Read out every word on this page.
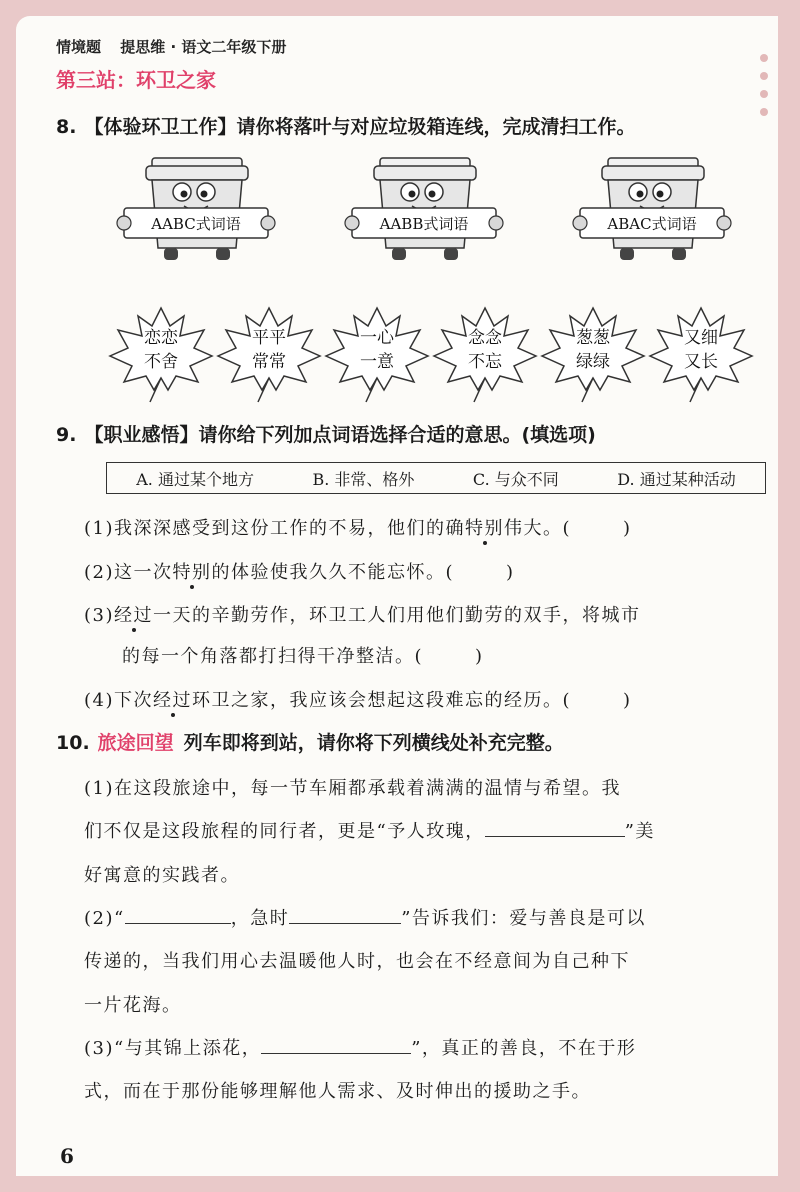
情境题 提思维 · 语文二年级下册
第三站：环卫之家
8. 【体验环卫工作】请你将落叶与对应垃圾箱连线，完成清扫工作。
AABC式词语	AABB式词语	ABAC式词语
恋恋
不舍
平平
常常
一心
一意
念念
不忘
葱葱
绿绿
又细
又长
9. 【职业感悟】请你给下列加点词语选择合适的意思。(填选项)
A. 通过某个地方	B. 非常、格外	C. 与众不同	D. 通过某种活动
(1)我深深感受到这份工作的不易，他们的确特别伟大。(	)
(2)这一次特别的体验使我久久不能忘怀。(	)
(3)经过一天的辛勤劳作，环卫工人们用他们勤劳的双手，将城市
的每一个角落都打扫得干净整洁。(	)
(4)下次经过环卫之家，我应该会想起这段难忘的经历。(	)
10. 旅途回望 列车即将到站，请你将下列横线处补充完整。
(1)在这段旅途中，每一节车厢都承载着满满的温情与希望。我
们不仅是这段旅程的同行者，更是“予人玫瑰，	”美
好寓意的实践者。
(2)“	，急时	”告诉我们：爱与善良是可以
传递的，当我们用心去温暖他人时，也会在不经意间为自己种下
一片花海。
(3)“与其锦上添花，	”，真正的善良，不在于形
式，而在于那份能够理解他人需求、及时伸出的援助之手。
6
